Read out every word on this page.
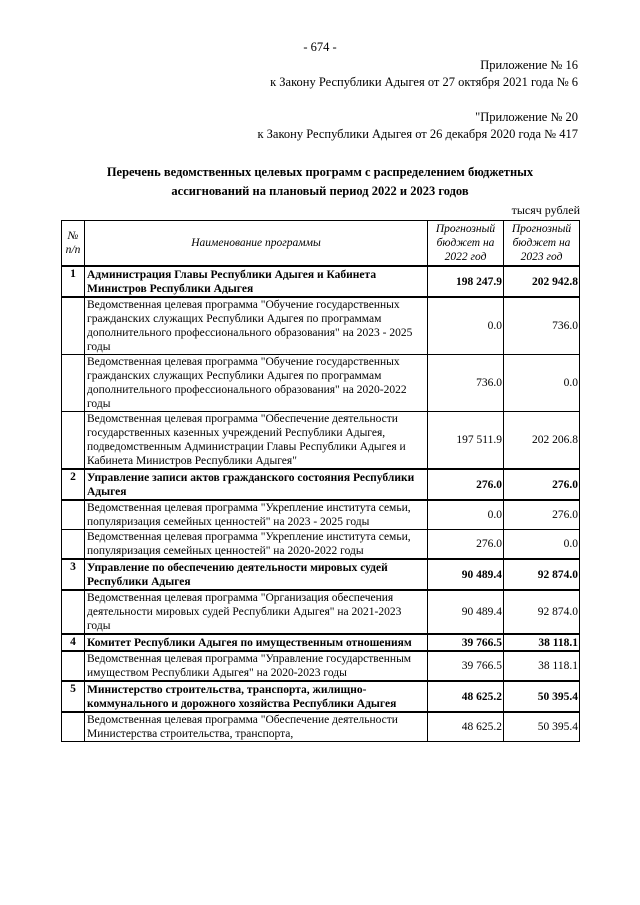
- 674 -
Приложение № 16
к Закону Республики Адыгея от 27 октября 2021 года № 6
"Приложение № 20
к Закону Республики Адыгея от 26 декабря 2020 года № 417
Перечень ведомственных целевых программ с распределением бюджетных
ассигнований на плановый период 2022 и 2023 годов
тысяч рублей
№ п/п	Наименование программы	Прогнозный бюджет на 2022 год	Прогнозный бюджет на 2023 год
1	Администрация Главы Республики Адыгея и Кабинета Министров Республики Адыгея	198 247.9	202 942.8
	Ведомственная целевая программа "Обучение государственных гражданских служащих Республики Адыгея по программам дополнительного профессионального образования" на 2023 - 2025 годы	0.0	736.0
	Ведомственная целевая программа "Обучение государственных гражданских служащих Республики Адыгея по программам дополнительного профессионального образования" на 2020-2022 годы	736.0	0.0
	Ведомственная целевая программа "Обеспечение деятельности государственных казенных учреждений Республики Адыгея, подведомственным Администрации Главы Республики Адыгея и Кабинета Министров Республики Адыгея"	197 511.9	202 206.8
2	Управление записи актов гражданского состояния Республики Адыгея	276.0	276.0
	Ведомственная целевая программа "Укрепление института семьи, популяризация семейных ценностей" на 2023 - 2025 годы	0.0	276.0
	Ведомственная целевая программа "Укрепление института семьи, популяризация семейных ценностей" на 2020-2022 годы	276.0	0.0
3	Управление по обеспечению деятельности мировых судей Республики Адыгея	90 489.4	92 874.0
	Ведомственная целевая программа "Организация обеспечения деятельности мировых судей Республики Адыгея" на 2021-2023 годы	90 489.4	92 874.0
4	Комитет Республики Адыгея по имущественным отношениям	39 766.5	38 118.1
	Ведомственная целевая программа "Управление государственным имуществом Республики Адыгея" на 2020-2023 годы	39 766.5	38 118.1
5	Министерство строительства, транспорта, жилищно-коммунального и дорожного хозяйства Республики Адыгея	48 625.2	50 395.4
	Ведомственная целевая программа "Обеспечение деятельности Министерства строительства, транспорта,	48 625.2	50 395.4
